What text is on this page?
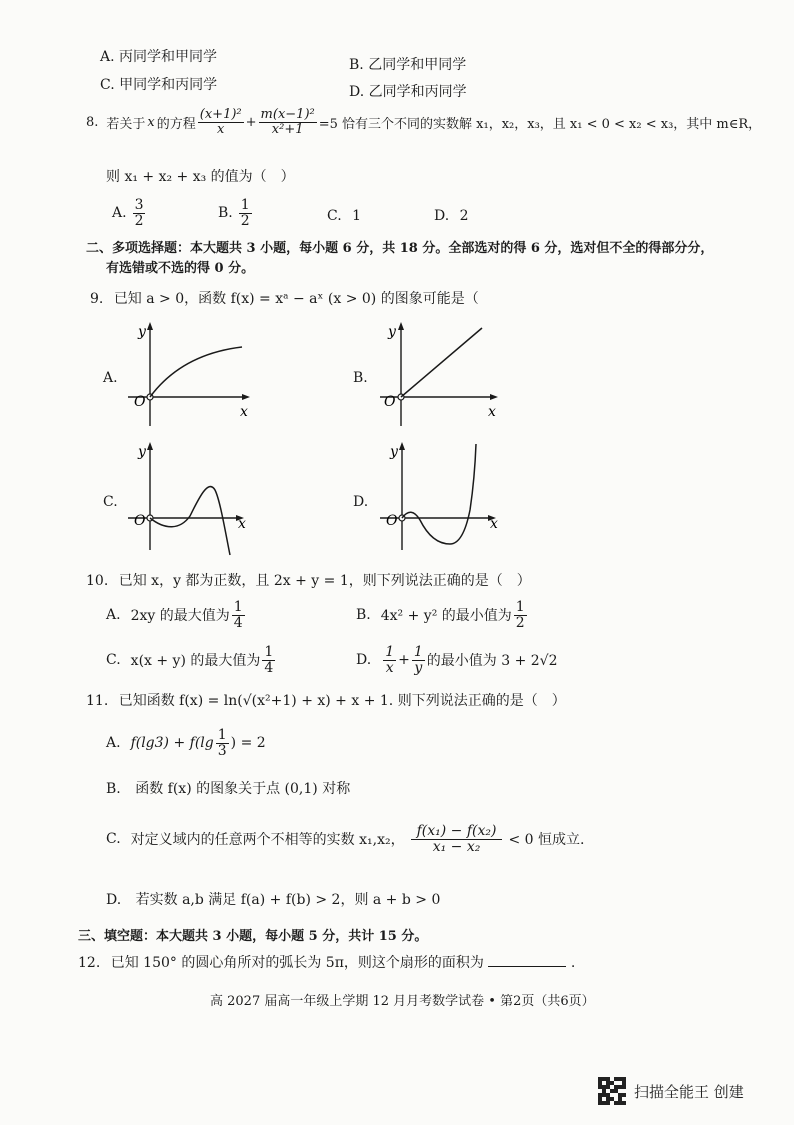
A. 丙同学和甲同学	B. 乙同学和甲同学
C. 甲同学和丙同学	D. 乙同学和丙同学
8. 若关于 x 的方程 $\frac{\text{(x+1)²}}{x} + \frac{\text{m(x−1)²}}{\text{x²+1}} =5$ 恰有三个不同的实数解 x₁，x₂，x₃，且 x₁ < 0 < x₂ < x₃，其中 m∈R，
则 x₁ + x₂ + x₃ 的值为（　）
A. $\frac{3}{2}$	B. $\frac{1}{2}$	C. 1	D. 2
二、多项选择题：本大题共 3 小题，每小题 6 分，共 18 分。全部选对的得 6 分，选对但不全的得部分分，
有选错或不选的得 0 分。
9. 已知 a > 0，函数 f(x) = xᵃ − aˣ (x > 0) 的图象可能是（
A.
y
x
O
B.
y
x
O
C.
y
x
O
D.
y
x
O
10. 已知 x，y 都为正数，且 2x + y = 1，则下列说法正确的是（　）
A. 2xy 的最大值为 $\frac{1}{4}$	B. 4x² + y² 的最小值为 $\frac{1}{2}$
C. x(x + y) 的最大值为 $\frac{1}{4}$	D. $\frac{1}{x} + \frac{1}{y}$ 的最小值为 3 + 2√2
11. 已知函数 f(x) = ln(√(x²+1) + x) + x + 1. 则下列说法正确的是（　）
A. $f(\lg 3) + f(\lg \frac{1}{3}$ ) = 2
B. 函数 f(x) 的图象关于点 (0,1) 对称
C. 对定义域内的任意两个不相等的实数 x₁,x₂， $\frac{\text{f(x₁) − f(x₂)}}{\text{x₁ − x₂}} < 0$ 恒成立.
D. 若实数 a,b 满足 f(a) + f(b) > 2，则 a + b > 0
三、填空题：本大题共 3 小题，每小题 5 分，共计 15 分。
12. 已知 150° 的圆心角所对的弧长为 5π，则这个扇形的面积为	.
高 2027 届高一年级上学期 12 月月考数学试卷 • 第2页（共6页）
扫描全能王 创建
